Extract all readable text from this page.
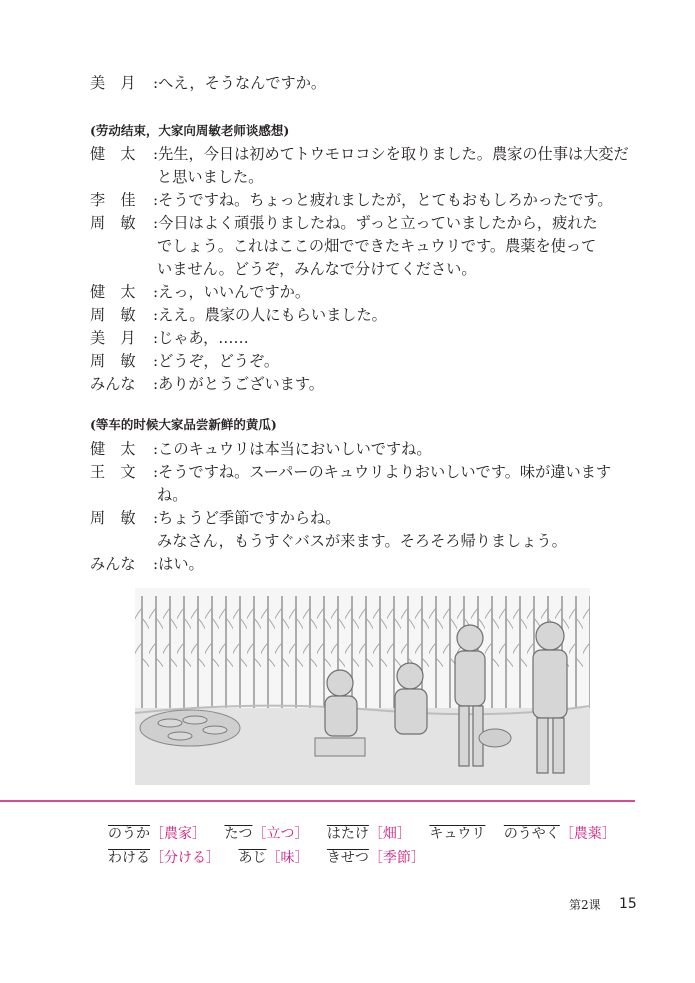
美　月 :へえ，そうなんですか。
(劳动结束，大家向周敏老师谈感想)
健　太 :先生，今日は初めてトウモロコシを取りました。農家の仕事は大変だ
と思いました。
李　佳 :そうですね。ちょっと疲れましたが，とてもおもしろかったです。
周　敏 :今日はよく頑張りましたね。ずっと立っていましたから，疲れた
でしょう。これはここの畑でできたキュウリです。農薬を使って
いません。どうぞ，みんなで分けてください。
健　太 :えっ，いいんですか。
周　敏 :ええ。農家の人にもらいました。
美　月 :じゃあ，……
周　敏 :どうぞ，どうぞ。
みんな :ありがとうございます。
(等车的时候大家品尝新鲜的黄瓜)
健　太 :このキュウリは本当においしいですね。
王　文 :そうですね。スーパーのキュウリよりおいしいです。味が違います
ね。
周　敏 :ちょうど季節ですからね。
みなさん，もうすぐバスが来ます。そろそろ帰りましょう。
みんな :はい。
のうか［農家］ たつ［立つ］ はたけ［畑］ キュウリ のうやく［農薬］
わける［分ける］ あじ［味］ きせつ［季節］
第2课 15
